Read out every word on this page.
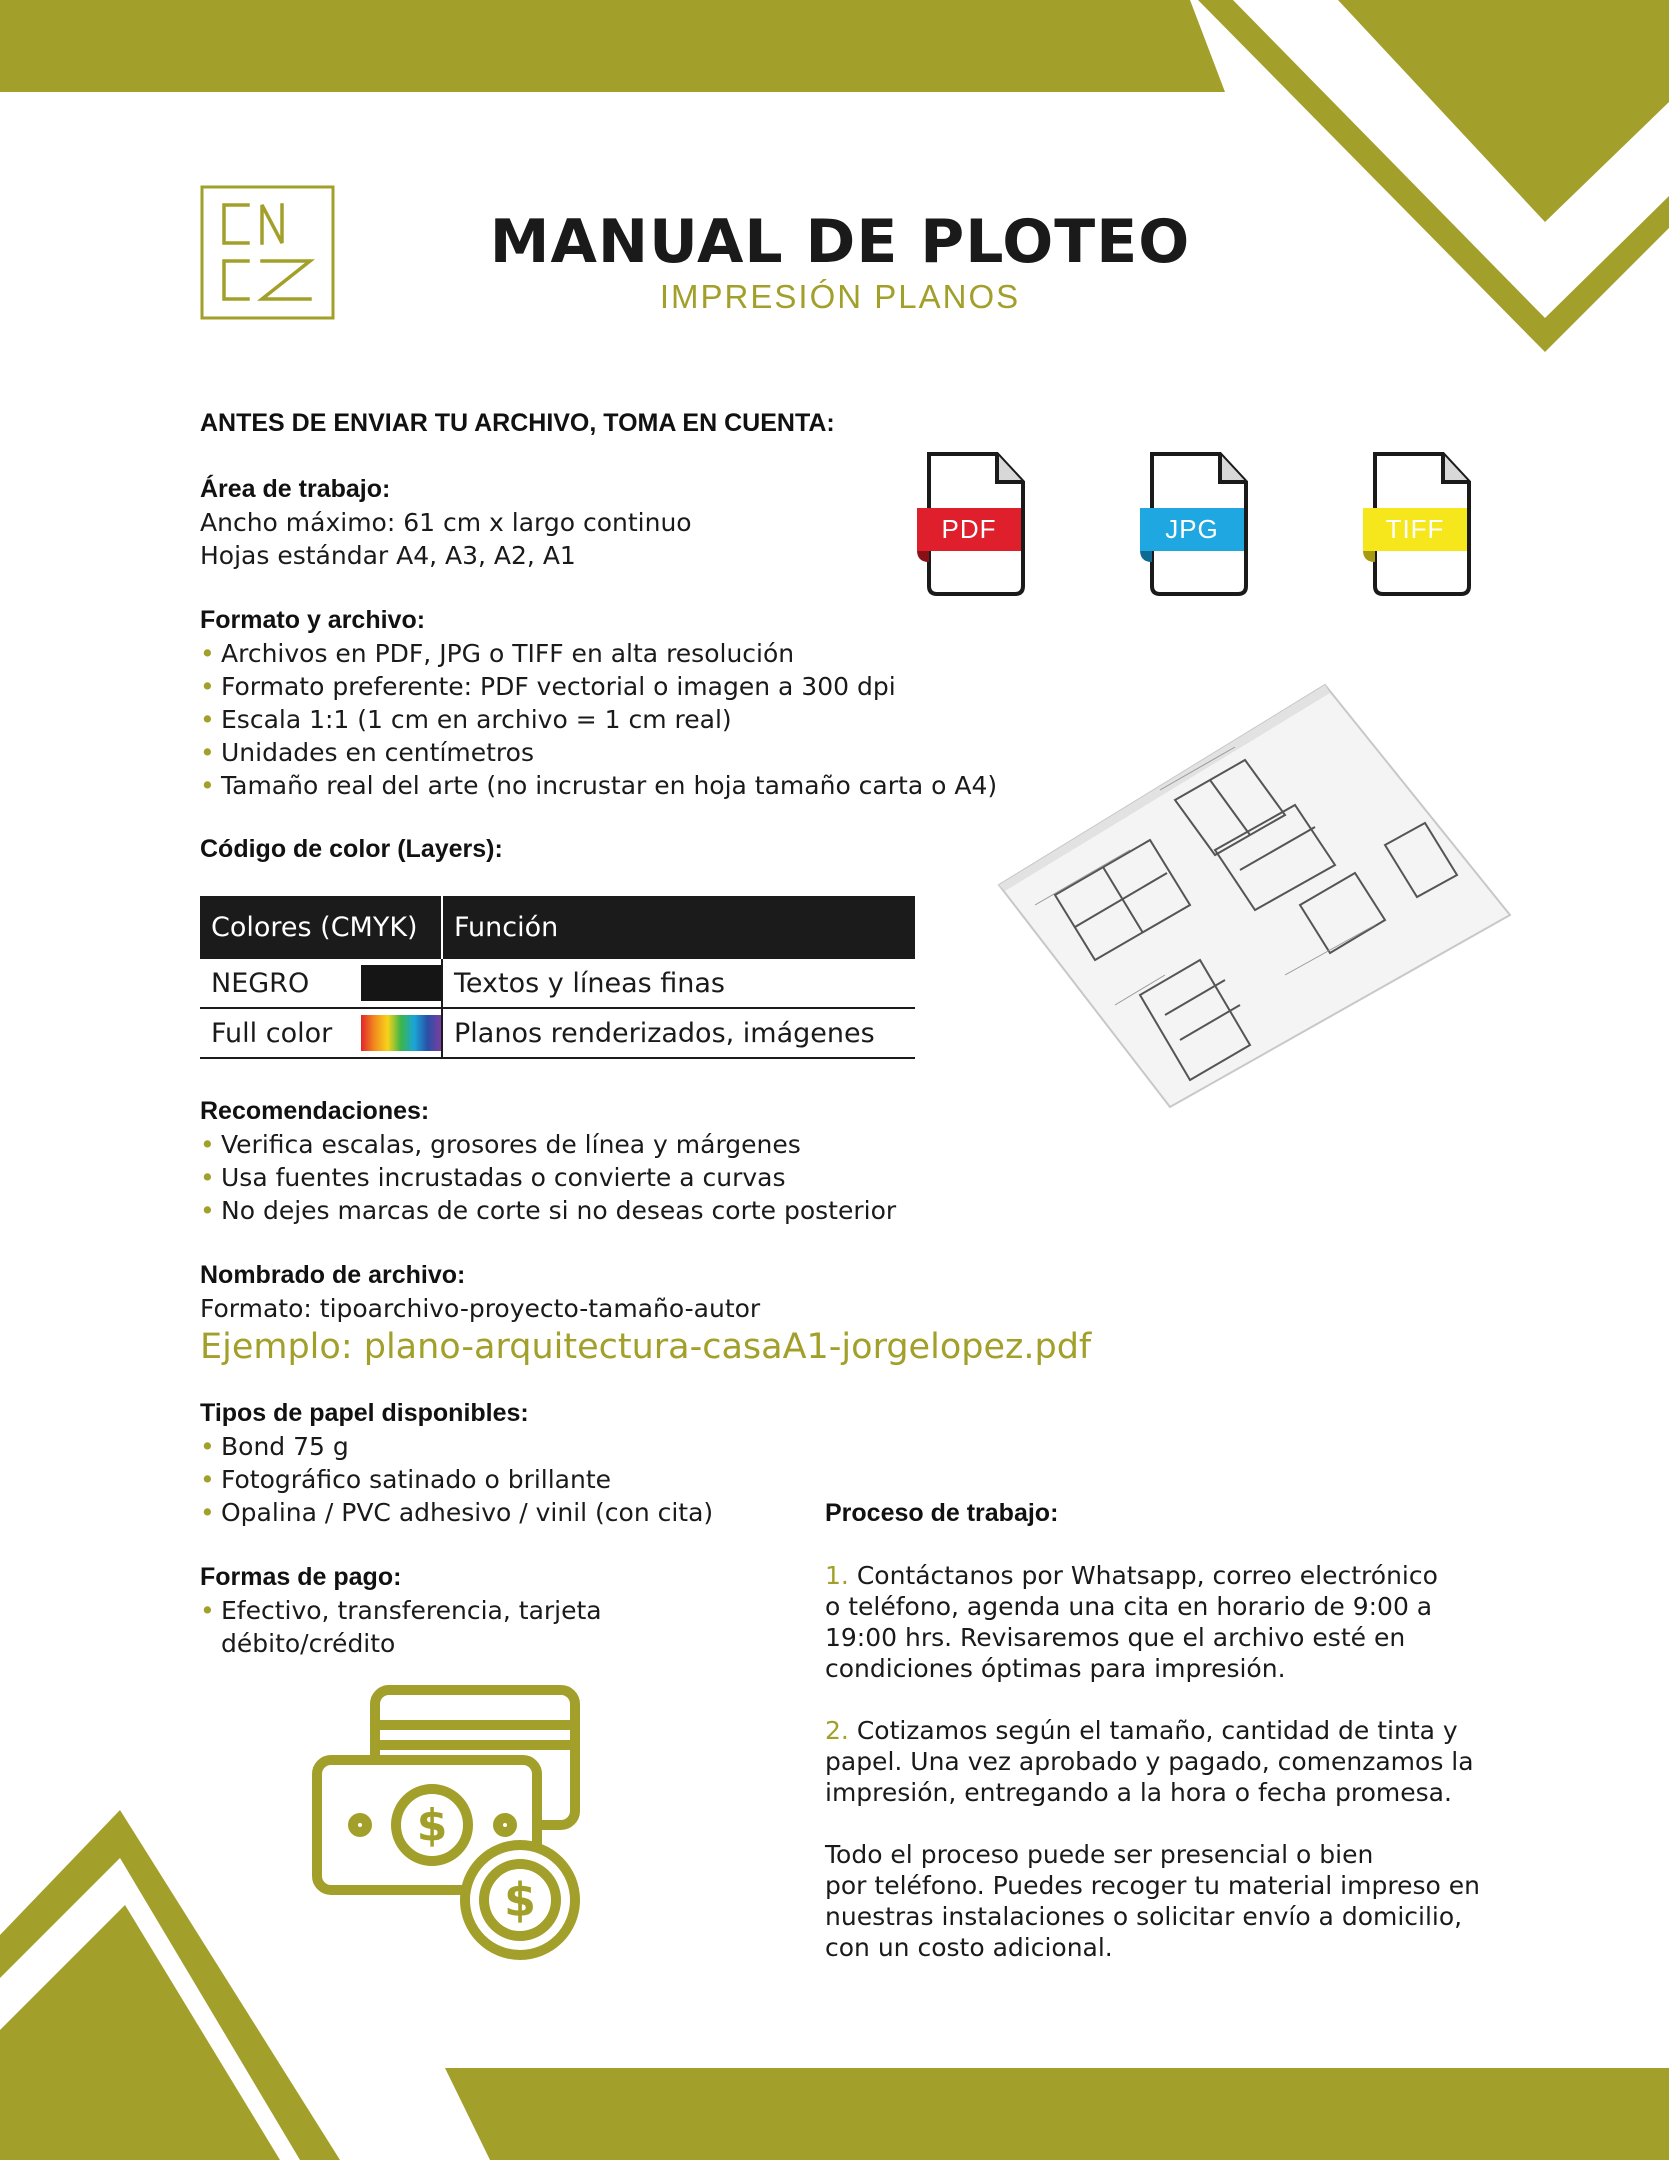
MANUAL DE PLOTEO
IMPRESIÓN PLANOS
ANTES DE ENVIAR TU ARCHIVO, TOMA EN CUENTA:
Área de trabajo:
Ancho máximo: 61 cm x largo continuo
Hojas estándar A4, A3, A2, A1
PDF	JPG	TIFF
Formato y archivo:
• Archivos en PDF, JPG o TIFF en alta resolución
• Formato preferente: PDF vectorial o imagen a 300 dpi
• Escala 1:1 (1 cm en archivo = 1 cm real)
• Unidades en centímetros
• Tamaño real del arte (no incrustar en hoja tamaño carta o A4)
Código de color (Layers):
Colores (CMYK)	Función
NEGRO	Textos y líneas finas
Full color	Planos renderizados, imágenes
Recomendaciones:
• Verifica escalas, grosores de línea y márgenes
• Usa fuentes incrustadas o convierte a curvas
• No dejes marcas de corte si no deseas corte posterior
Nombrado de archivo:
Formato: tipoarchivo-proyecto-tamaño-autor
Ejemplo: plano-arquitectura-casaA1-jorgelopez.pdf
Tipos de papel disponibles:
• Bond 75 g
• Fotográfico satinado o brillante
• Opalina / PVC adhesivo / vinil (con cita)
Formas de pago:
• Efectivo, transferencia, tarjeta
débito/crédito
$
$
Proceso de trabajo:

1. Contáctanos por Whatsapp, correo electrónico

o teléfono, agenda una cita en horario de 9:00 a

19:00 hrs. Revisaremos que el archivo esté en

condiciones óptimas para impresión.

2. Cotizamos según el tamaño, cantidad de tinta y

papel. Una vez aprobado y pagado, comenzamos la

impresión, entregando a la hora o fecha promesa.

Todo el proceso puede ser presencial o bien

por teléfono. Puedes recoger tu material impreso en

nuestras instalaciones o solicitar envío a domicilio,

con un costo adicional.
